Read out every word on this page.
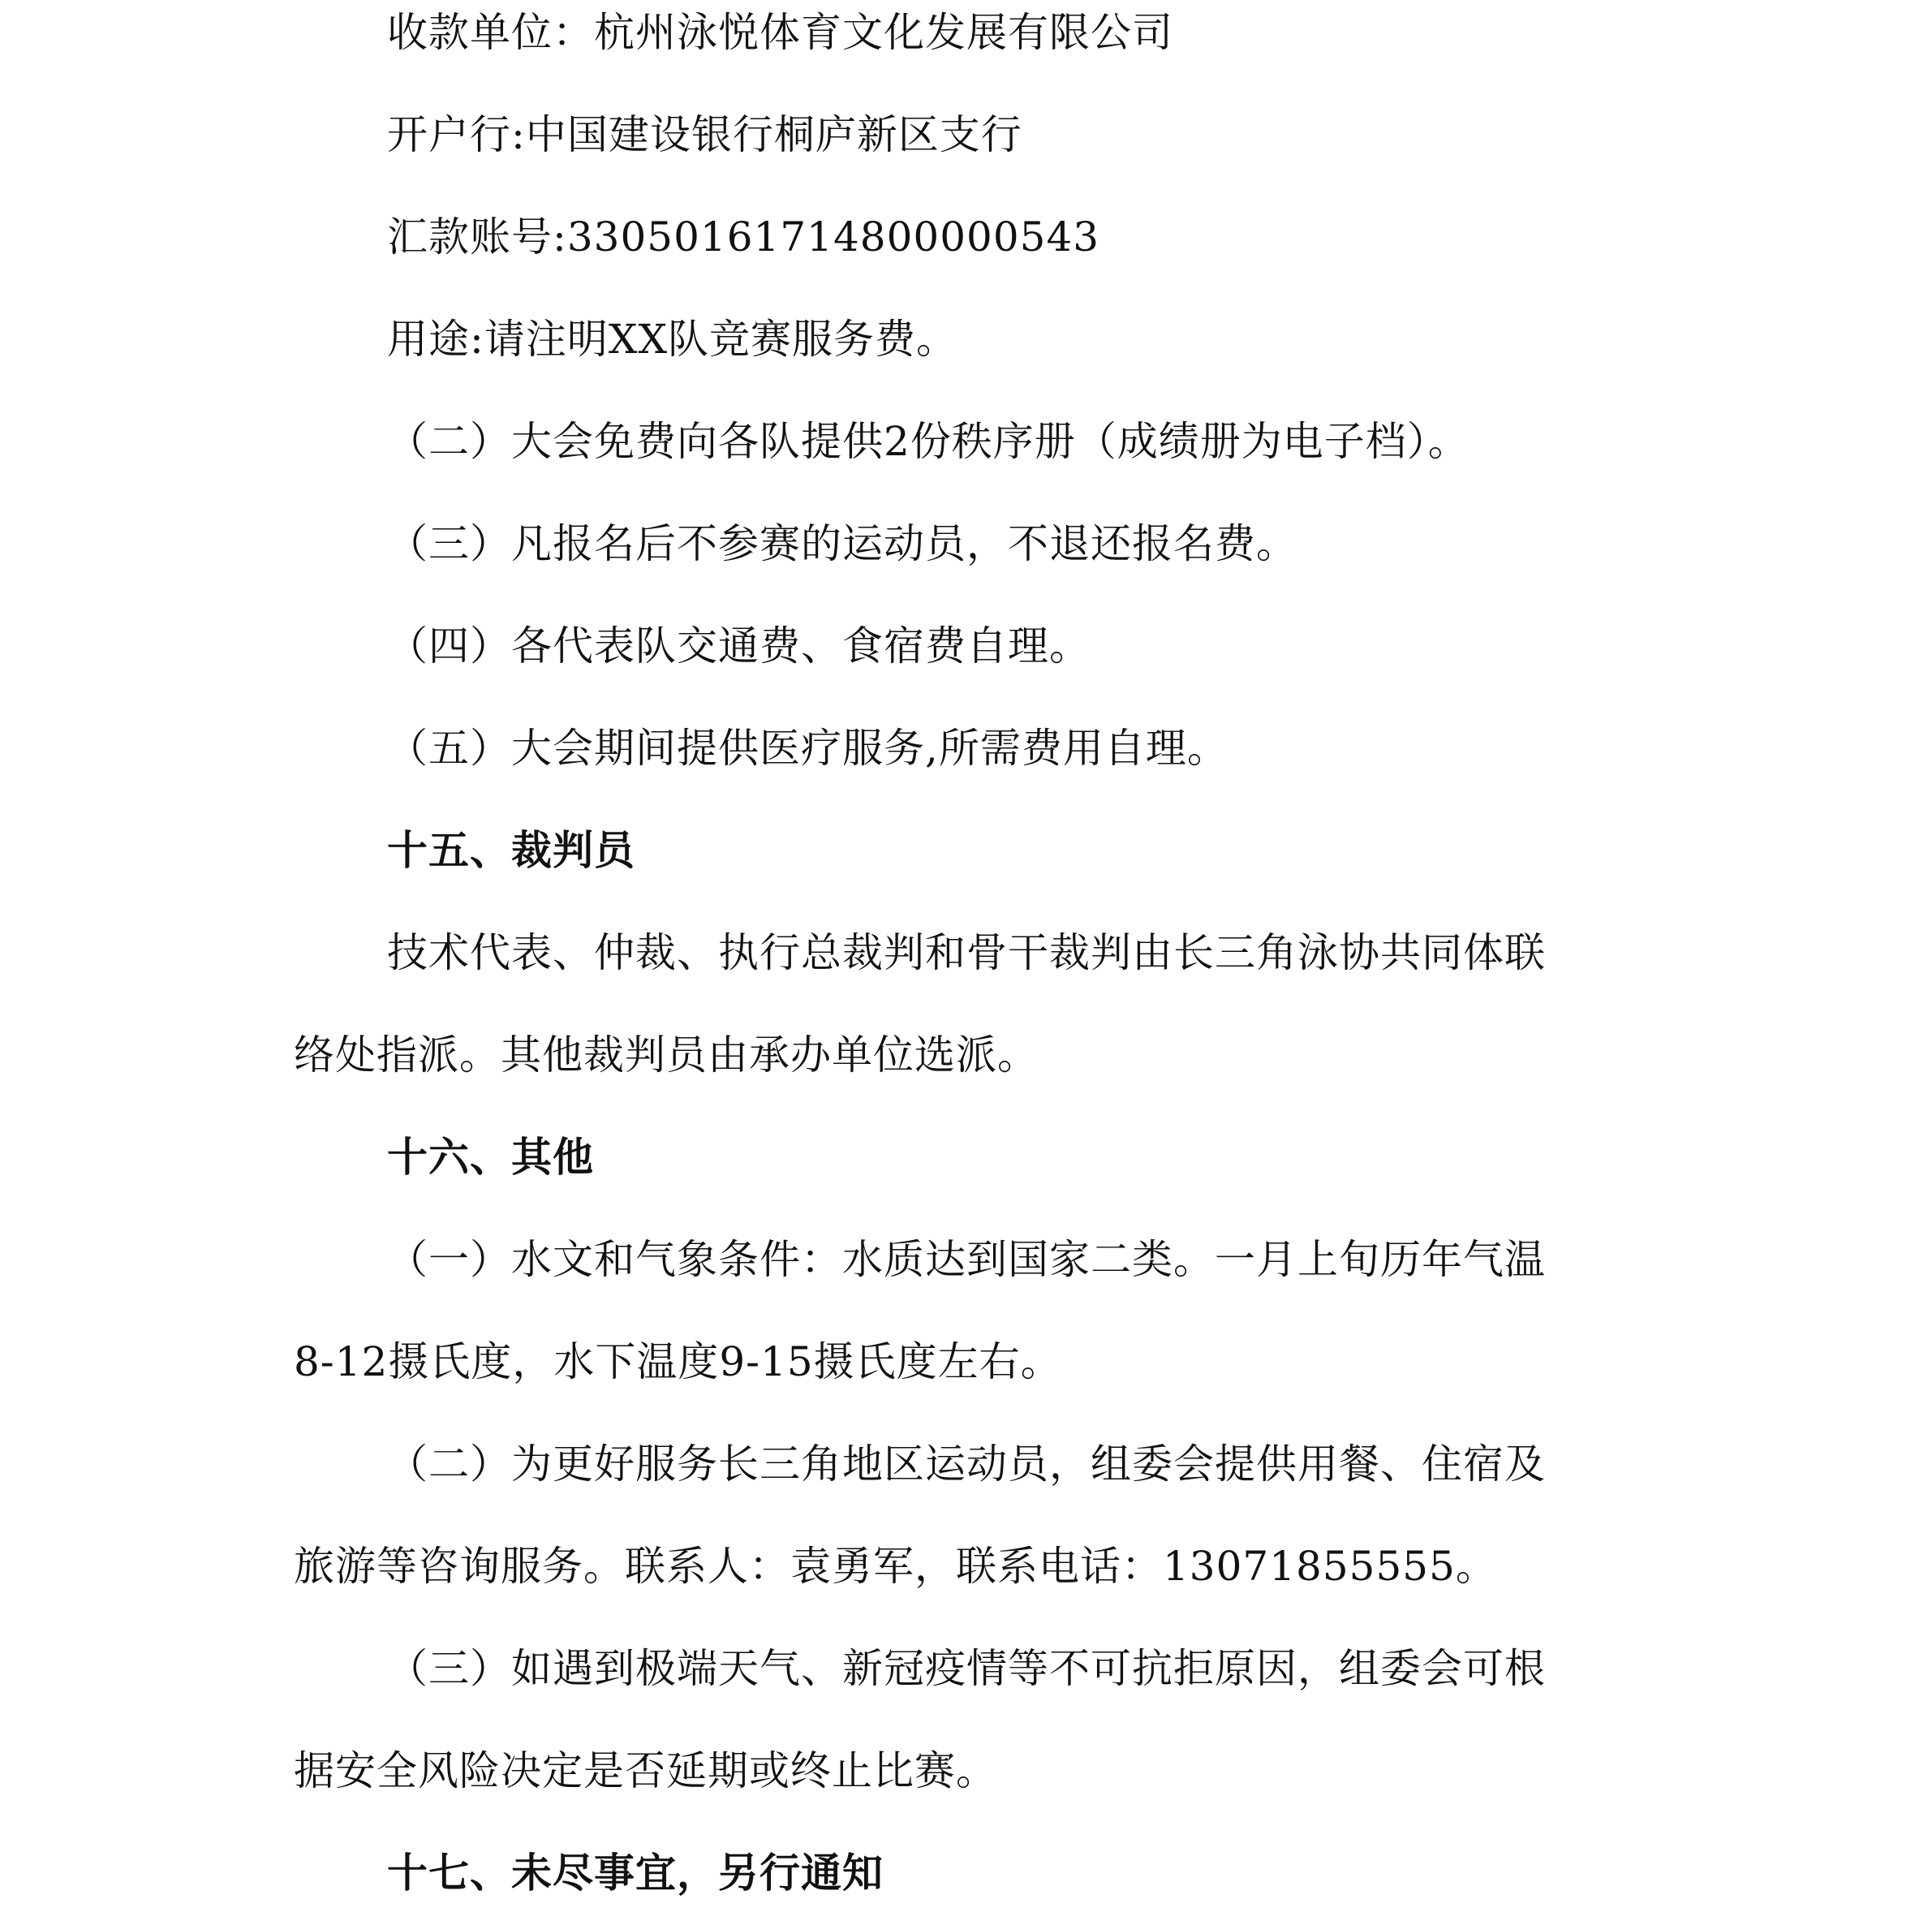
收款单位：杭州泳悦体育文化发展有限公司
开户行:中国建设银行桐庐新区支行
汇款账号:33050161714800000543
用途:请注明XX队竞赛服务费。
（二）大会免费向各队提供2份秩序册（成绩册为电子档）。
（三）凡报名后不参赛的运动员，不退还报名费。
（四）各代表队交通费、食宿费自理。
（五）大会期间提供医疗服务,所需费用自理。
十五、裁判员
技术代表、仲裁、执行总裁判和骨干裁判由长三角泳协共同体联
络处指派。其他裁判员由承办单位选派。
十六、其他
（一）水文和气象条件：水质达到国家二类。一月上旬历年气温
8-12摄氏度，水下温度9-15摄氏度左右。
（二）为更好服务长三角地区运动员，组委会提供用餐、住宿及
旅游等咨询服务。联系人：袁勇军，联系电话：13071855555。
（三）如遇到极端天气、新冠疫情等不可抗拒原因，组委会可根
据安全风险决定是否延期或终止比赛。
十七、未尽事宜，另行通知
